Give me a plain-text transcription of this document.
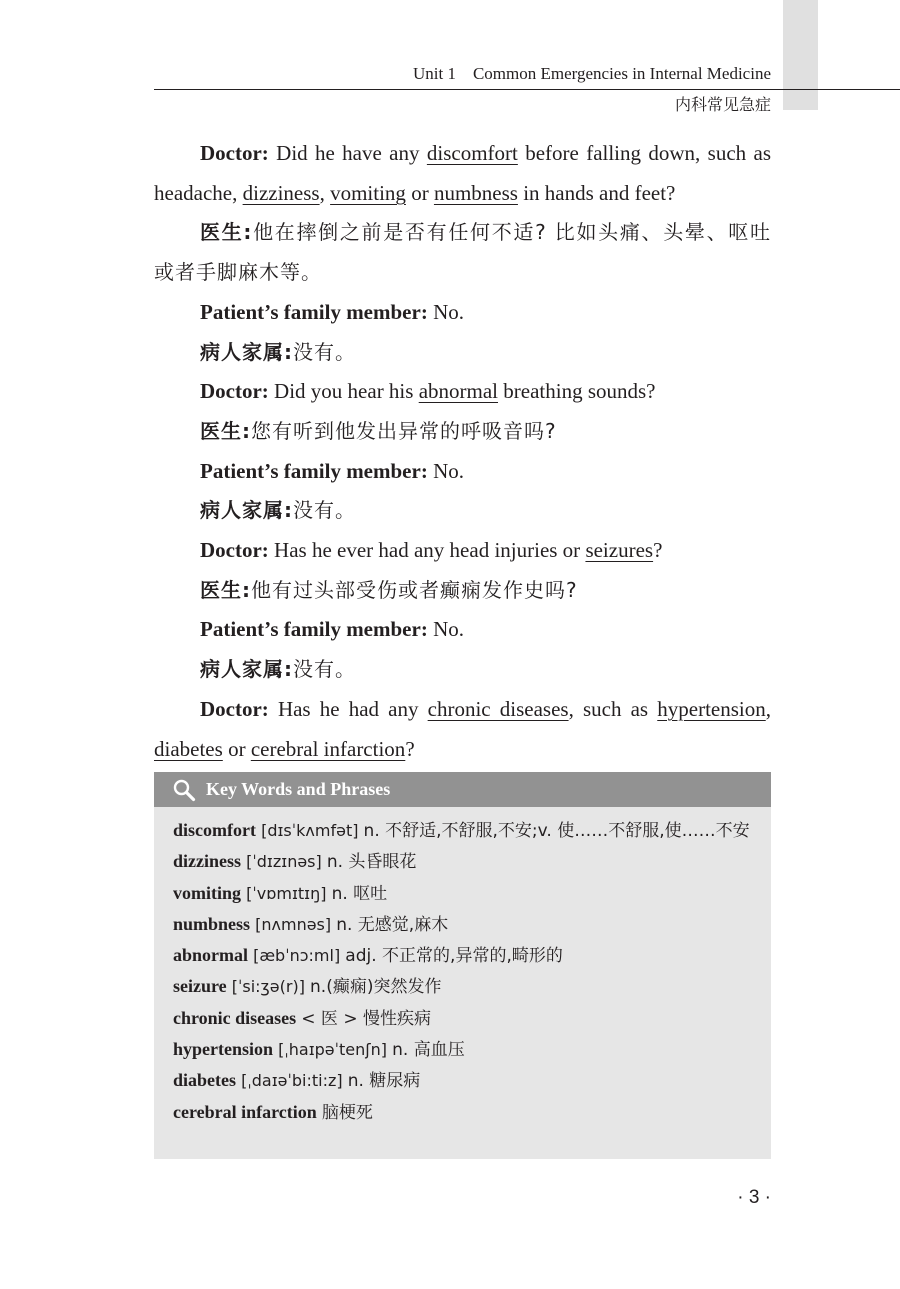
Unit 1    Common Emergencies in Internal Medicine
内科常见急症

Doctor: Did he have any discomfort before falling down, such as headache, dizziness, vomiting or numbness in hands and feet?

医生:他在摔倒之前是否有任何不适? 比如头痛、头晕、呕吐或者手脚麻木等。

Patient’s family member: No.

病人家属:没有。

Doctor: Did you hear his abnormal breathing sounds?

医生:您有听到他发出异常的呼吸音吗?

Patient’s family member: No.

病人家属:没有。

Doctor: Has he ever had any head injuries or seizures?

医生:他有过头部受伤或者癫痫发作史吗?

Patient’s family member: No.

病人家属:没有。

Doctor: Has he had any chronic diseases, such as hypertension, diabetes or cerebral infarction?

Key Words and Phrases

discomfort [dɪsˈkʌmfət] n. 不舒适,不舒服,不安;v. 使……不舒服,使……不安

dizziness [ˈdɪzɪnəs] n. 头昏眼花

vomiting [ˈvɒmɪtɪŋ] n. 呕吐

numbness [nʌmnəs] n. 无感觉,麻木

abnormal [æbˈnɔ:ml] adj. 不正常的,异常的,畸形的

seizure [ˈsi:ʒə(r)] n.(癫痫)突然发作

chronic diseases < 医 > 慢性疾病

hypertension [ˌhaɪpəˈtenʃn] n. 高血压

diabetes [ˌdaɪəˈbi:ti:z] n. 糖尿病

cerebral infarction 脑梗死

· 3 ·
